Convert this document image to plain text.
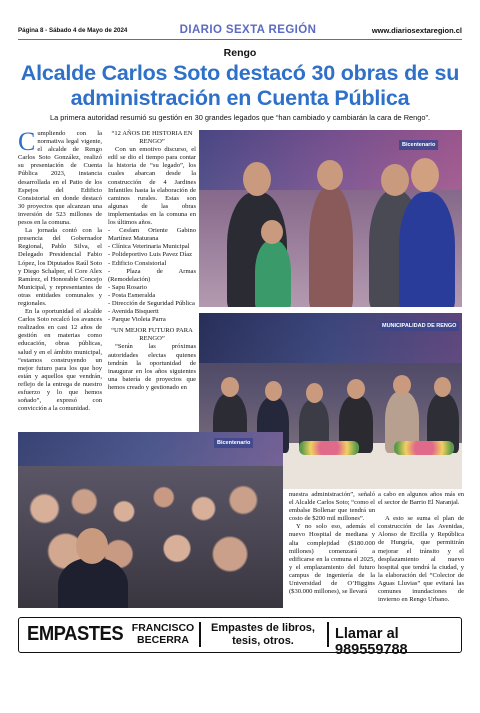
Página 8 - Sábado 4 de Mayo de 2024	DIARIO SEXTA REGIÓN	www.diariosextaregion.cl
Rengo
Alcalde Carlos Soto destacó 30 obras de su administración en Cuenta Pública
La primera autoridad resumió su gestión en 30 grandes legados que “han cambiado y cambiarán la cara de Rengo”.

Cumpliendo con la normativa legal vigente, el alcalde de Rengo Carlos Soto González, realizó su presentación de Cuenta Pública 2023, instancia desarrollada en el Patio de los Espejos del Edificio Consistorial en donde destacó 30 proyectos que alcanzan una inversión de 523 millones de pesos en la comuna.

La jornada contó con la presencia del Gobernador Regional, Pablo Silva, el Delegado Presidencial Fabio López, los Diputados Raúl Soto y Diego Schalper, el Core Alex Ramírez, el Honorable Concejo Municipal, y representantes de otras entidades comunales y regionales.

En la oportunidad el alcalde Carlos Soto recalcó los avances realizados en casi 12 años de gestión en materias como educación, obras públicas, salud y en el ámbito municipal, “estamos construyendo un mejor futuro para los que hoy están y aquellos que vendrán, reflejo de la entrega de nuestro esfuerzo y lo que hemos soñado”, expresó con convicción a la comunidad.

“12 AÑOS DE HISTORIA EN RENGO”

Con un emotivo discurso, el edil se dio el tiempo para contar la historia de “su legado”, los cuales abarcan desde la construcción de 4 Jardines Infantiles hasta la elaboración de caminos rurales. Estas son algunas de las obras implementadas en la comuna en los últimos años.

- Cesfam Oriente Gabino Martínez Maturana

- Clínica Veterinaria Municipal

- Polideportivo Luis Pavez Díaz

- Edificio Consistorial

- Plaza de Armas (Remodelación)

- Sapu Rosario

- Posta Esmeralda

- Dirección de Seguridad Pública

- Avenida Bisquertt

- Parque Violeta Parra

“UN MEJOR FUTURO PARA RENGO”

“Serán las próximas autoridades electas quienes tendrán la oportunidad de inaugurar en los años siguientes una batería de proyectos que hemos creado y gestionado en

Bicentenario
MUNICIPALIDAD DE RENGO
Bicentenario

nuestra administración”, señaló el Alcalde Carlos Soto; “como el embalse Bollenar que tendrá un costo de $200 mil millones”.

Y no solo eso, además el nuevo Hospital de mediana y alta complejidad ($180.000 millones) comenzará a edificarse en la comuna el 2025, y el emplazamiento del futuro campus de ingeniería de la Universidad de O’Higgins ($30.000 millones), se llevará

a cabo en algunos años más en el sector de Barrio El Naranjal.

A esto se suma el plan de construcción de las Avenidas, Alonso de Ercilla y República de Hungría, que permitirán mejorar el tránsito y el desplazamiento al nuevo hospital que tendrá la ciudad, y la elaboración del “Colector de Aguas Lluvias” que evitará las comunes inundaciones de invierno en Rengo Urbano.

EMPASTES FRANCISCO BECERRA
Empastes de libros, tesis, otros.	Llamar al 989559788
